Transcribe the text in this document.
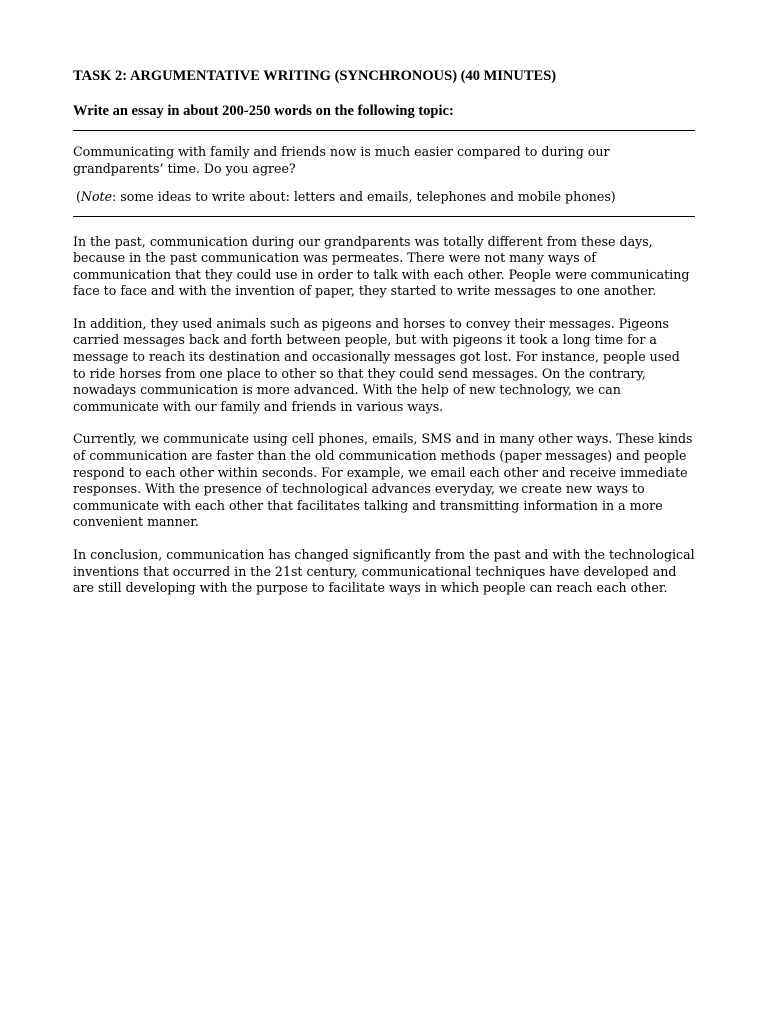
TASK 2: ARGUMENTATIVE WRITING (SYNCHRONOUS) (40 MINUTES)

Write an essay in about 200-250 words on the following topic:

Communicating with family and friends now is much easier compared to during our grandparents’ time. Do you agree?

(Note: some ideas to write about: letters and emails, telephones and mobile phones)

In the past, communication during our grandparents was totally different from these days, because in the past communication was permeates. There were not many ways of communication that they could use in order to talk with each other. People were communicating face to face and with the invention of paper, they started to write messages to one another.

In addition, they used animals such as pigeons and horses to convey their messages. Pigeons carried messages back and forth between people, but with pigeons it took a long time for a message to reach its destination and occasionally messages got lost. For instance, people used to ride horses from one place to other so that they could send messages. On the contrary, nowadays communication is more advanced. With the help of new technology, we can communicate with our family and friends in various ways.

Currently, we communicate using cell phones, emails, SMS and in many other ways. These kinds of communication are faster than the old communication methods (paper messages) and people respond to each other within seconds. For example, we email each other and receive immediate responses. With the presence of technological advances everyday, we create new ways to communicate with each other that facilitates talking and transmitting information in a more convenient manner.

In conclusion, communication has changed significantly from the past and with the technological inventions that occurred in the 21st century, communicational techniques have developed and are still developing with the purpose to facilitate ways in which people can reach each other.
